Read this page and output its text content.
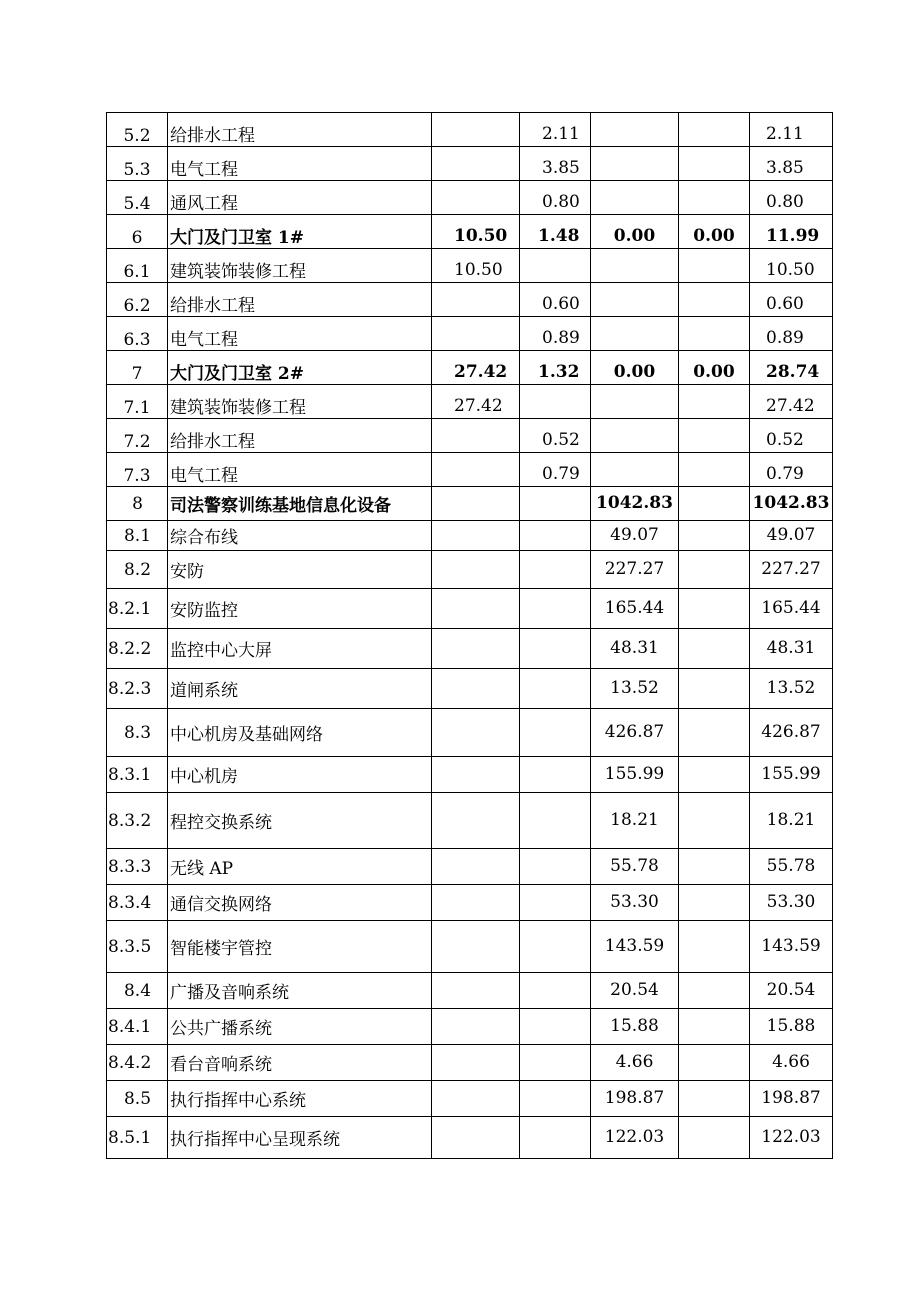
5.2	给排水工程		2.11			2.11
5.3	电气工程		3.85			3.85
5.4	通风工程		0.80			0.80
6	大门及门卫室 1#	10.50	1.48	0.00	0.00	11.99
6.1	建筑装饰装修工程	10.50				10.50
6.2	给排水工程		0.60			0.60
6.3	电气工程		0.89			0.89
7	大门及门卫室 2#	27.42	1.32	0.00	0.00	28.74
7.1	建筑装饰装修工程	27.42				27.42
7.2	给排水工程		0.52			0.52
7.3	电气工程		0.79			0.79
8	司法警察训练基地信息化设备			1042.83		1042.83
8.1	综合布线			49.07		49.07
8.2	安防			227.27		227.27
8.2.1	安防监控			165.44		165.44
8.2.2	监控中心大屏			48.31		48.31
8.2.3	道闸系统			13.52		13.52
8.3	中心机房及基础网络			426.87		426.87
8.3.1	中心机房			155.99		155.99
8.3.2	程控交换系统			18.21		18.21
8.3.3	无线 AP			55.78		55.78
8.3.4	通信交换网络			53.30		53.30
8.3.5	智能楼宇管控			143.59		143.59
8.4	广播及音响系统			20.54		20.54
8.4.1	公共广播系统			15.88		15.88
8.4.2	看台音响系统			4.66		4.66
8.5	执行指挥中心系统			198.87		198.87
8.5.1	执行指挥中心呈现系统			122.03		122.03
